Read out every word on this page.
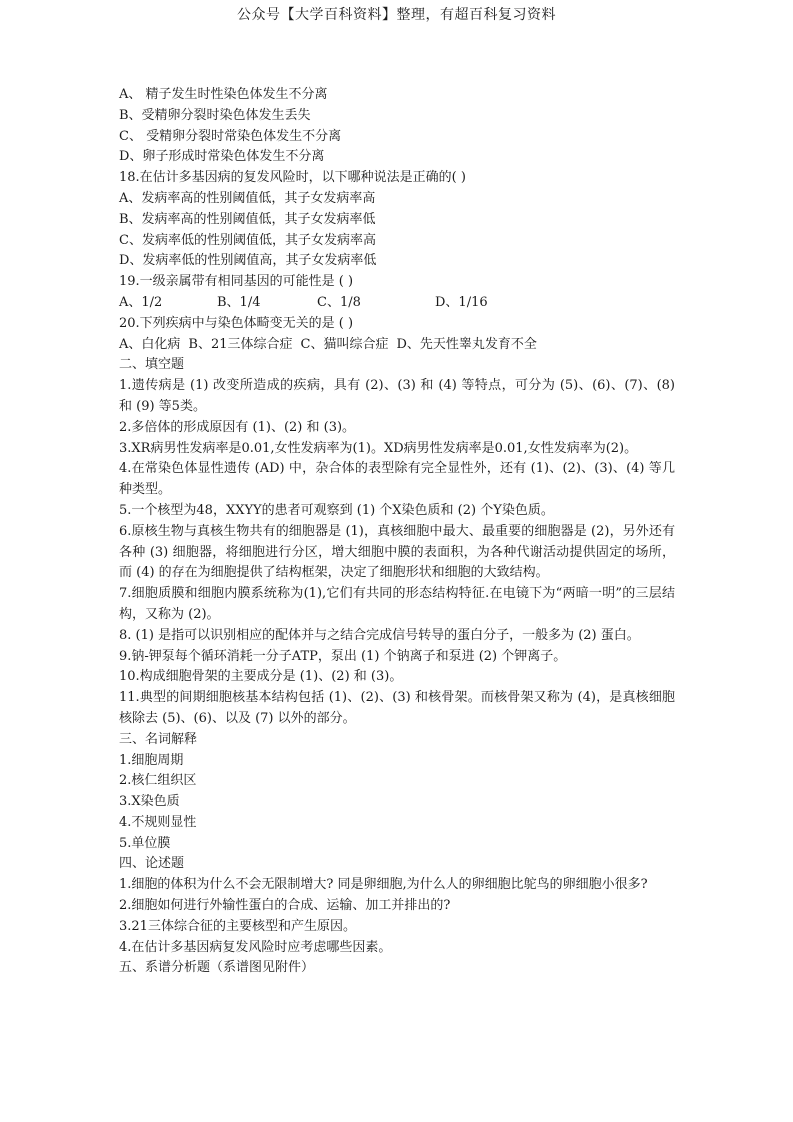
公众号【大学百科资料】整理，有超百科复习资料
A、 精子发生时性染色体发生不分离
B、受精卵分裂时染色体发生丢失
C、 受精卵分裂时常染色体发生不分离
D、卵子形成时常染色体发生不分离
18.在估计多基因病的复发风险时，以下哪种说法是正确的( )
A、发病率高的性别阈值低，其子女发病率高
B、发病率高的性别阈值低，其子女发病率低
C、发病率低的性别阈值低，其子女发病率高
D、发病率低的性别阈值高，其子女发病率低
19.一级亲属带有相同基因的可能性是 ( )
A、1/2	B、1/4	C、1/8	D、1/16
20.下列疾病中与染色体畸变无关的是 ( )
A、白化病 B、21三体综合症 C、猫叫综合症 D、先天性睾丸发育不全
二、填空题
1.遗传病是 (1) 改变所造成的疾病，具有 (2)、(3) 和 (4) 等特点，可分为 (5)、(6)、(7)、(8) 和 (9) 等5类。
2.多倍体的形成原因有 (1)、(2) 和 (3)。
3.XR病男性发病率是0.01,女性发病率为(1)。XD病男性发病率是0.01,女性发病率为(2)。
4.在常染色体显性遗传 (AD) 中，杂合体的表型除有完全显性外，还有 (1)、(2)、(3)、(4) 等几种类型。
5.一个核型为48，XXYY的患者可观察到 (1) 个X染色质和 (2) 个Y染色质。
6.原核生物与真核生物共有的细胞器是 (1)，真核细胞中最大、最重要的细胞器是 (2)，另外还有各种 (3) 细胞器，将细胞进行分区，增大细胞中膜的表面积，为各种代谢活动提供固定的场所，而 (4) 的存在为细胞提供了结构框架，决定了细胞形状和细胞的大致结构。
7.细胞质膜和细胞内膜系统称为(1),它们有共同的形态结构特征.在电镜下为“两暗一明”的三层结构，又称为 (2)。
8. (1) 是指可以识别相应的配体并与之结合完成信号转导的蛋白分子，一般多为 (2) 蛋白。
9.钠-钾泵每个循环消耗一分子ATP，泵出 (1) 个钠离子和泵进 (2) 个钾离子。
10.构成细胞骨架的主要成分是 (1)、(2) 和 (3)。
11.典型的间期细胞核基本结构包括 (1)、(2)、(3) 和核骨架。而核骨架又称为 (4)，是真核细胞核除去 (5)、(6)、以及 (7) 以外的部分。
三、名词解释
1.细胞周期
2.核仁组织区
3.X染色质
4.不规则显性
5.单位膜
四、论述题
1.细胞的体积为什么不会无限制增大? 同是卵细胞,为什么人的卵细胞比鸵鸟的卵细胞小很多?
2.细胞如何进行外输性蛋白的合成、运输、加工并排出的?
3.21三体综合征的主要核型和产生原因。
4.在估计多基因病复发风险时应考虑哪些因素。
五、系谱分析题（系谱图见附件）
